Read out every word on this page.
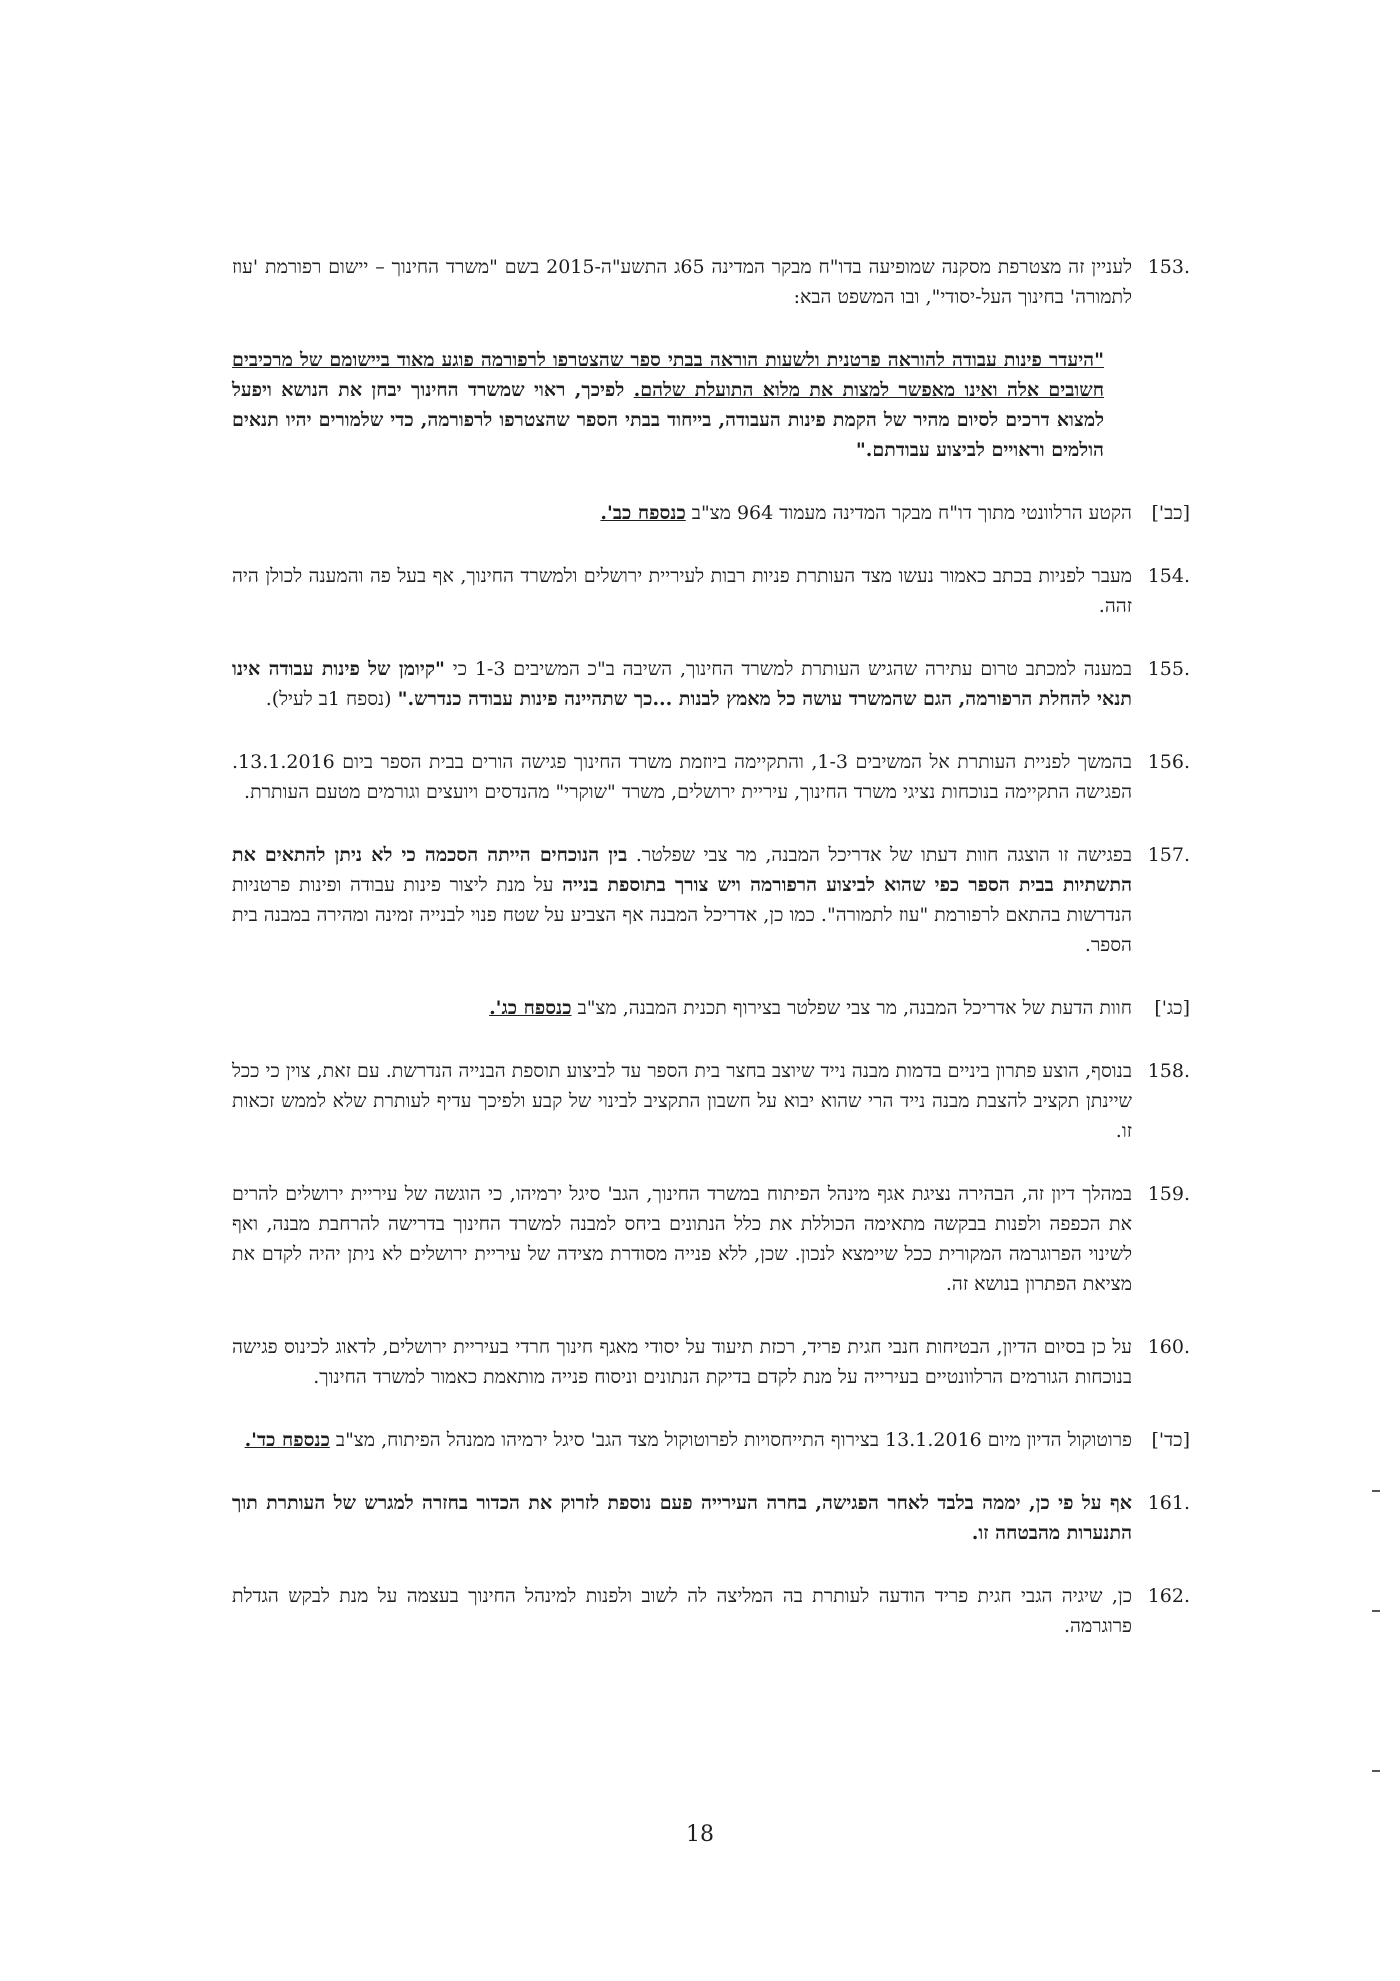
.153
לעניין זה מצטרפת מסקנה שמופיעה בדו"ח מבקר המדינה 65ג התשע"ה-2015 בשם "משרד החינוך – יישום רפורמת 'עוז לתמורה' בחינוך העל-יסודי", ובו המשפט הבא:
"היעדר פינות עבודה להוראה פרטנית ולשעות הוראה בבתי ספר שהצטרפו לרפורמה פוגע מאוד ביישומם של מרכיבים חשובים אלה ואינו מאפשר למצות את מלוא התועלת שלהם. לפיכך, ראוי שמשרד החינוך יבחן את הנושא ויפעל למצוא דרכים לסיום מהיר של הקמת פינות העבודה, בייחוד בבתי הספר שהצטרפו לרפורמה, כדי שלמורים יהיו תנאים הולמים וראויים לביצוע עבודתם."
[כב']
הקטע הרלוונטי מתוך דו"ח מבקר המדינה מעמוד 964 מצ"ב כנספח כב'.
.154
מעבר לפניות בכתב כאמור נעשו מצד העותרת פניות רבות לעיריית ירושלים ולמשרד החינוך, אף בעל פה והמענה לכולן היה זהה.
.155
במענה למכתב טרום עתירה שהגיש העותרת למשרד החינוך, השיבה ב"כ המשיבים 1-3 כי "קיומן של פינות עבודה אינו תנאי להחלת הרפורמה, הגם שהמשרד עושה כל מאמץ לבנות ...כך שתהיינה פינות עבודה כנדרש." (נספח 1ב לעיל).
.156
בהמשך לפניית העותרת אל המשיבים 1-3, והתקיימה ביוזמת משרד החינוך פגישה הורים בבית הספר ביום 13.1.2016. הפגישה התקיימה בנוכחות נציגי משרד החינוך, עיריית ירושלים, משרד "שוקרי" מהנדסים ויועצים וגורמים מטעם העותרת.
.157
בפגישה זו הוצגה חוות דעתו של אדריכל המבנה, מר צבי שפלטר. בין הנוכחים הייתה הסכמה כי לא ניתן להתאים את התשתיות בבית הספר כפי שהוא לביצוע הרפורמה ויש צורך בתוספת בנייה על מנת ליצור פינות עבודה ופינות פרטניות הנדרשות בהתאם לרפורמת "עוז לתמורה". כמו כן, אדריכל המבנה אף הצביע על שטח פנוי לבנייה זמינה ומהירה במבנה בית הספר.
[כג']
חוות הדעת של אדריכל המבנה, מר צבי שפלטר בצירוף תכנית המבנה, מצ"ב כנספח כג'.
.158
בנוסף, הוצע פתרון ביניים בדמות מבנה נייד שיוצב בחצר בית הספר עד לביצוע תוספת הבנייה הנדרשת. עם זאת, צוין כי ככל שיינתן תקציב להצבת מבנה נייד הרי שהוא יבוא על חשבון התקציב לבינוי של קבע ולפיכך עדיף לעותרת שלא לממש זכאות זו.
.159
במהלך דיון זה, הבהירה נציגת אגף מינהל הפיתוח במשרד החינוך, הגב' סיגל ירמיהו, כי הוגשה של עיריית ירושלים להרים את הכפפה ולפנות בבקשה מתאימה הכוללת את כלל הנתונים ביחס למבנה למשרד החינוך בדרישה להרחבת מבנה, ואף לשינוי הפרוגרמה המקורית ככל שיימצא לנכון. שכן, ללא פנייה מסודרת מצידה של עיריית ירושלים לא ניתן יהיה לקדם את מציאת הפתרון בנושא זה.
.160
על כן בסיום הדיון, הבטיחות חנבי חגית פריד, רכזת תיעוד על יסודי מאגף חינוך חרדי בעיריית ירושלים, לדאוג לכינוס פגישה בנוכחות הגורמים הרלוונטיים בעירייה על מנת לקדם בדיקת הנתונים וניסוח פנייה מותאמת כאמור למשרד החינוך.
[כד']
פרוטוקול הדיון מיום 13.1.2016 בצירוף התייחסויות לפרוטוקול מצד הגב' סיגל ירמיהו ממנהל הפיתוח, מצ"ב כנספח כד'.
.161
אף על פי כן, יממה בלבד לאחר הפגישה, בחרה העירייה פעם נוספת לזרוק את הכדור בחזרה למגרש של העותרת תוך התנערות מהבטחה זו.
.162
כן, שיגיה הגבי חגית פריד הודעה לעותרת בה המליצה לה לשוב ולפנות למינהל החינוך בעצמה על מנת לבקש הגדלת פרוגרמה.
18
